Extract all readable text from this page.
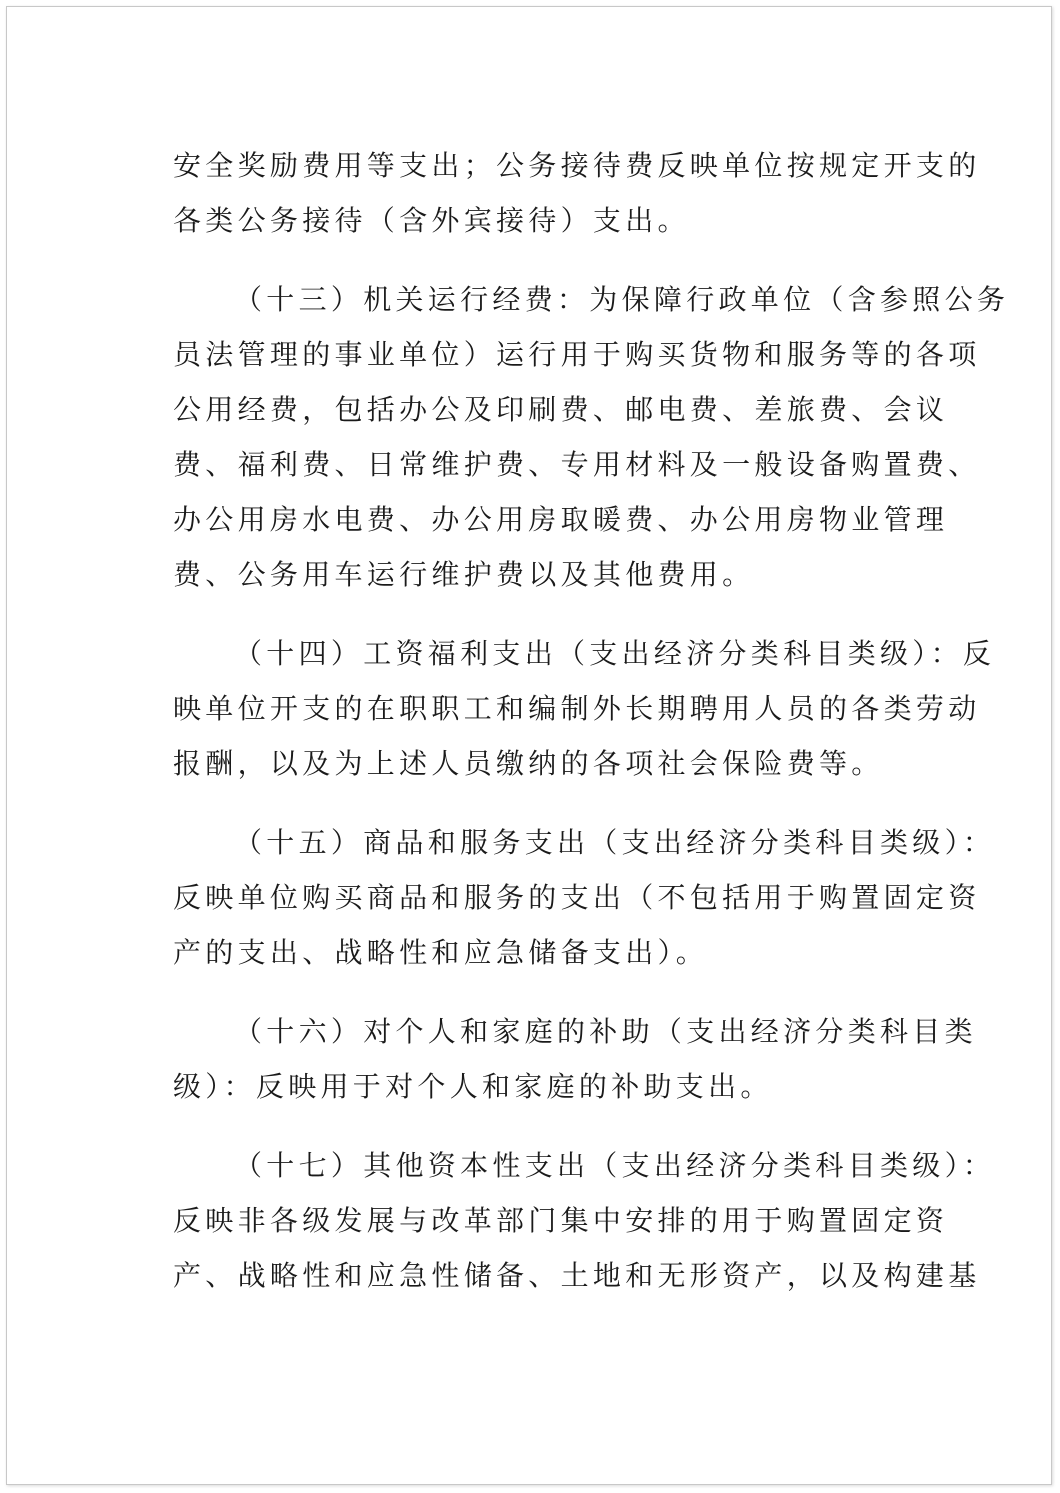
安全奖励费用等支出；公务接待费反映单位按规定开支的
各类公务接待（含外宾接待）支出。
（十三）机关运行经费：为保障行政单位（含参照公务
员法管理的事业单位）运行用于购买货物和服务等的各项
公用经费，包括办公及印刷费、邮电费、差旅费、会议
费、福利费、日常维护费、专用材料及一般设备购置费、
办公用房水电费、办公用房取暖费、办公用房物业管理
费、公务用车运行维护费以及其他费用。
（十四）工资福利支出（支出经济分类科目类级）：反
映单位开支的在职职工和编制外长期聘用人员的各类劳动
报酬，以及为上述人员缴纳的各项社会保险费等。
（十五）商品和服务支出（支出经济分类科目类级）：
反映单位购买商品和服务的支出（不包括用于购置固定资
产的支出、战略性和应急储备支出）。
（十六）对个人和家庭的补助（支出经济分类科目类
级）：反映用于对个人和家庭的补助支出。
（十七）其他资本性支出（支出经济分类科目类级）：
反映非各级发展与改革部门集中安排的用于购置固定资
产、战略性和应急性储备、土地和无形资产，以及构建基
